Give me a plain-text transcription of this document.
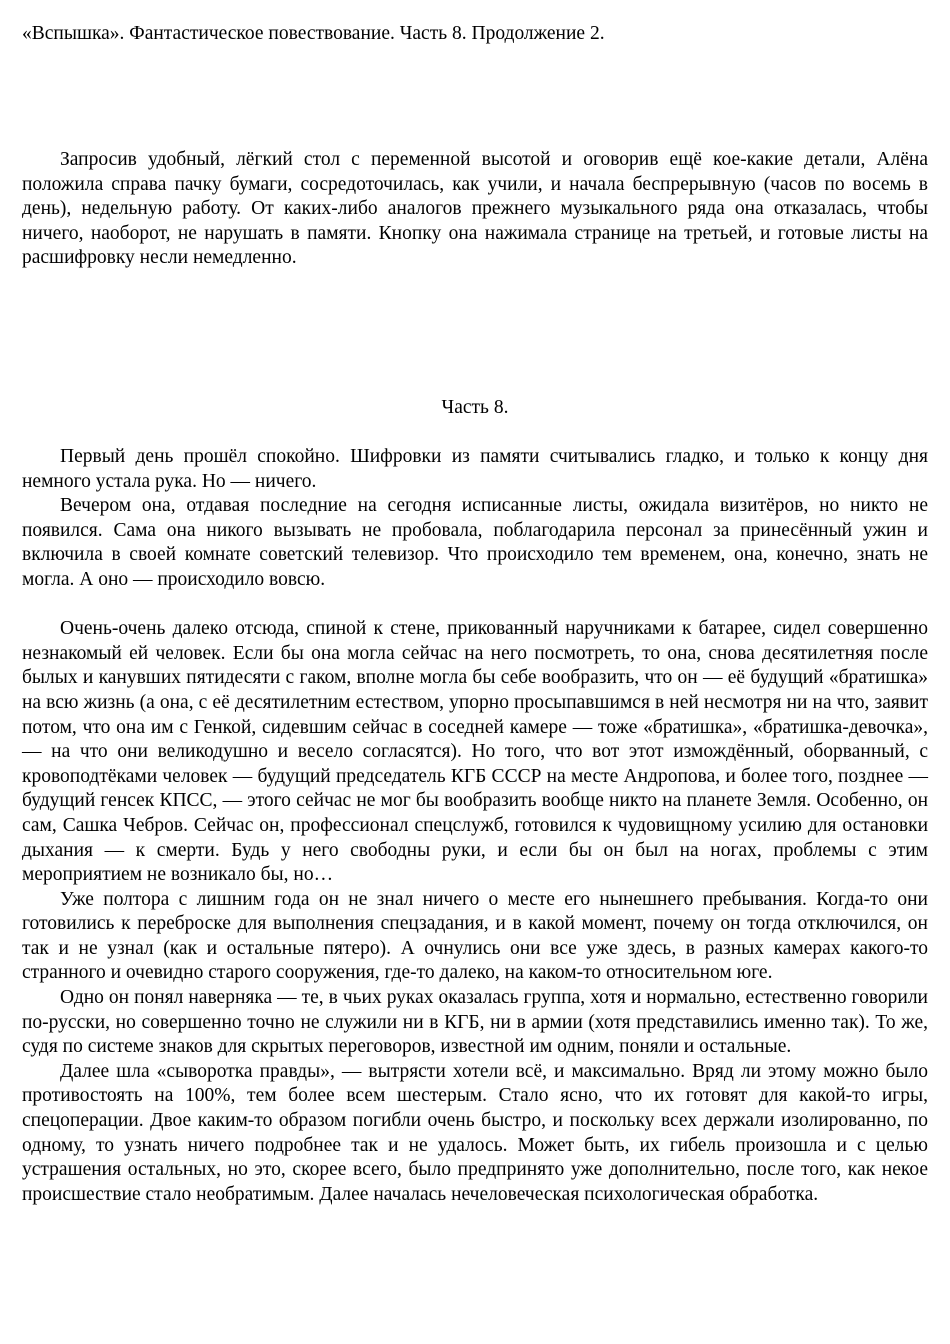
«Вспышка». Фантастическое повествование. Часть 8. Продолжение 2.

Запросив удобный, лёгкий стол с переменной высотой и оговорив ещё кое-какие детали, Алёна положила справа пачку бумаги, сосредоточилась, как учили, и начала беспрерывную (часов по восемь в день), недельную работу. От каких-либо аналогов прежнего музыкального ряда она отказалась, чтобы ничего, наоборот, не нарушать в памяти. Кнопку она нажимала странице на третьей, и готовые листы на расшифровку несли немедленно.

Часть 8.

Первый день прошёл спокойно. Шифровки из памяти считывались гладко, и только к концу дня немного устала рука. Но — ничего.

Вечером она, отдавая последние на сегодня исписанные листы, ожидала визитёров, но никто не появился. Сама она никого вызывать не пробовала, поблагодарила персонал за принесённый ужин и включила в своей комнате советский телевизор. Что происходило тем временем, она, конечно, знать не могла. А оно — происходило вовсю.

Очень-очень далеко отсюда, спиной к стене, прикованный наручниками к батарее, сидел совершенно незнакомый ей человек. Если бы она могла сейчас на него посмотреть, то она, снова десятилетняя после былых и канувших пятидесяти с гаком, вполне могла бы себе вообразить, что он — её будущий «братишка» на всю жизнь (а она, с её десятилетним естеством, упорно просыпавшимся в ней несмотря ни на что, заявит потом, что она им с Генкой, сидевшим сейчас в соседней камере — тоже «братишка», «братишка-девочка», — на что они великодушно и весело согласятся). Но того, что вот этот измождённый, оборванный, с кровоподтёками человек — будущий председатель КГБ СССР на месте Андропова, и более того, позднее — будущий генсек КПСС, — этого сейчас не мог бы вообразить вообще никто на планете Земля. Особенно, он сам, Сашка Чебров. Сейчас он, профессионал спецслужб, готовился к чудовищному усилию для остановки дыхания — к смерти. Будь у него свободны руки, и если бы он был на ногах, проблемы с этим мероприятием не возникало бы, но…

Уже полтора с лишним года он не знал ничего о месте его нынешнего пребывания. Когда-то они готовились к переброске для выполнения спецзадания, и в какой момент, почему он тогда отключился, он так и не узнал (как и остальные пятеро). А очнулись они все уже здесь, в разных камерах какого-то странного и очевидно старого сооружения, где-то далеко, на каком-то относительном юге.

Одно он понял наверняка — те, в чьих руках оказалась группа, хотя и нормально, естественно говорили по-русски, но совершенно точно не служили ни в КГБ, ни в армии (хотя представились именно так). То же, судя по системе знаков для скрытых переговоров, известной им одним, поняли и остальные.

Далее шла «сыворотка правды», — вытрясти хотели всё, и максимально. Вряд ли этому можно было противостоять на 100%, тем более всем шестерым. Стало ясно, что их готовят для какой-то игры, спецоперации. Двое каким-то образом погибли очень быстро, и поскольку всех держали изолированно, по одному, то узнать ничего подробнее так и не удалось. Может быть, их гибель произошла и с целью устрашения остальных, но это, скорее всего, было предпринято уже дополнительно, после того, как некое происшествие стало необратимым. Далее началась нечеловеческая психологическая обработка.
